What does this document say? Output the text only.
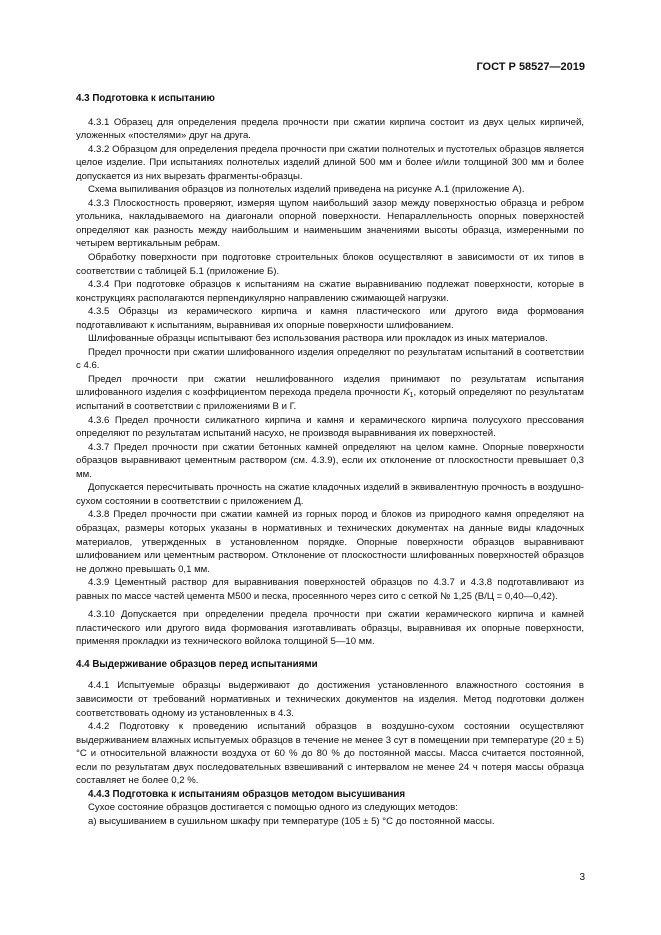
ГОСТ Р 58527—2019
4.3 Подготовка к испытанию

4.3.1 Образец для определения предела прочности при сжатии кирпича состоит из двух целых кирпичей, уложенных «постелями» друг на друга.

4.3.2 Образцом для определения предела прочности при сжатии полнотелых и пустотелых образцов является целое изделие. При испытаниях полнотелых изделий длиной 500 мм и более и/или толщиной 300 мм и более допускается из них вырезать фрагменты-образцы.

Схема выпиливания образцов из полнотелых изделий приведена на рисунке А.1 (приложение А).

4.3.3 Плоскостность проверяют, измеряя щупом наибольший зазор между поверхностью образца и ребром угольника, накладываемого на диагонали опорной поверхности. Непараллельность опорных поверхностей определяют как разность между наибольшим и наименьшим значениями высоты образца, измеренными по четырем вертикальным ребрам.

Обработку поверхности при подготовке строительных блоков осуществляют в зависимости от их типов в соответствии с таблицей Б.1 (приложение Б).

4.3.4 При подготовке образцов к испытаниям на сжатие выравниванию подлежат поверхности, которые в конструкциях располагаются перпендикулярно направлению сжимающей нагрузки.

4.3.5 Образцы из керамического кирпича и камня пластического или другого вида формования подготавливают к испытаниям, выравнивая их опорные поверхности шлифованием.

Шлифованные образцы испытывают без использования раствора или прокладок из иных материалов.

Предел прочности при сжатии шлифованного изделия определяют по результатам испытаний в соответствии с 4.6.

Предел прочности при сжатии нешлифованного изделия принимают по результатам испытания шлифованного изделия с коэффициентом перехода предела прочности $K_1$, который определяют по результатам испытаний в соответствии с приложениями В и Г.

4.3.6 Предел прочности силикатного кирпича и камня и керамического кирпича полусухого прессования определяют по результатам испытаний насухо, не производя выравнивания их поверхностей.

4.3.7 Предел прочности при сжатии бетонных камней определяют на целом камне. Опорные поверхности образцов выравнивают цементным раствором (см. 4.3.9), если их отклонение от плоскостности превышает 0,3 мм.

Допускается пересчитывать прочность на сжатие кладочных изделий в эквивалентную прочность в воздушно-сухом состоянии в соответствии с приложением Д.

4.3.8 Предел прочности при сжатии камней из горных пород и блоков из природного камня определяют на образцах, размеры которых указаны в нормативных и технических документах на данные виды кладочных материалов, утвержденных в установленном порядке. Опорные поверхности образцов выравнивают шлифованием или цементным раствором. Отклонение от плоскостности шлифованных поверхностей образцов не должно превышать 0,1 мм.

4.3.9 Цементный раствор для выравнивания поверхностей образцов по 4.3.7 и 4.3.8 подготавливают из равных по массе частей цемента М500 и песка, просеянного через сито с сеткой № 1,25 (В/Ц = 0,40—0,42).

4.3.10 Допускается при определении предела прочности при сжатии керамического кирпича и камней пластического или другого вида формования изготавливать образцы, выравнивая их опорные поверхности, применяя прокладки из технического войлока толщиной 5—10 мм.

4.4 Выдерживание образцов перед испытаниями

4.4.1 Испытуемые образцы выдерживают до достижения установленного влажностного состояния в зависимости от требований нормативных и технических документов на изделия. Метод подготовки должен соответствовать одному из установленных в 4.3.

4.4.2 Подготовку к проведению испытаний образцов в воздушно-сухом состоянии осуществляют выдерживанием влажных испытуемых образцов в течение не менее 3 сут в помещении при температуре (20 ± 5) °С и относительной влажности воздуха от 60 % до 80 % до постоянной массы. Масса считается постоянной, если по результатам двух последовательных взвешиваний с интервалом не менее 24 ч потеря массы образца составляет не более 0,2 %.

4.4.3 Подготовка к испытаниям образцов методом высушивания

Сухое состояние образцов достигается с помощью одного из следующих методов:

а) высушиванием в сушильном шкафу при температуре (105 ± 5) °С до постоянной массы.

3
